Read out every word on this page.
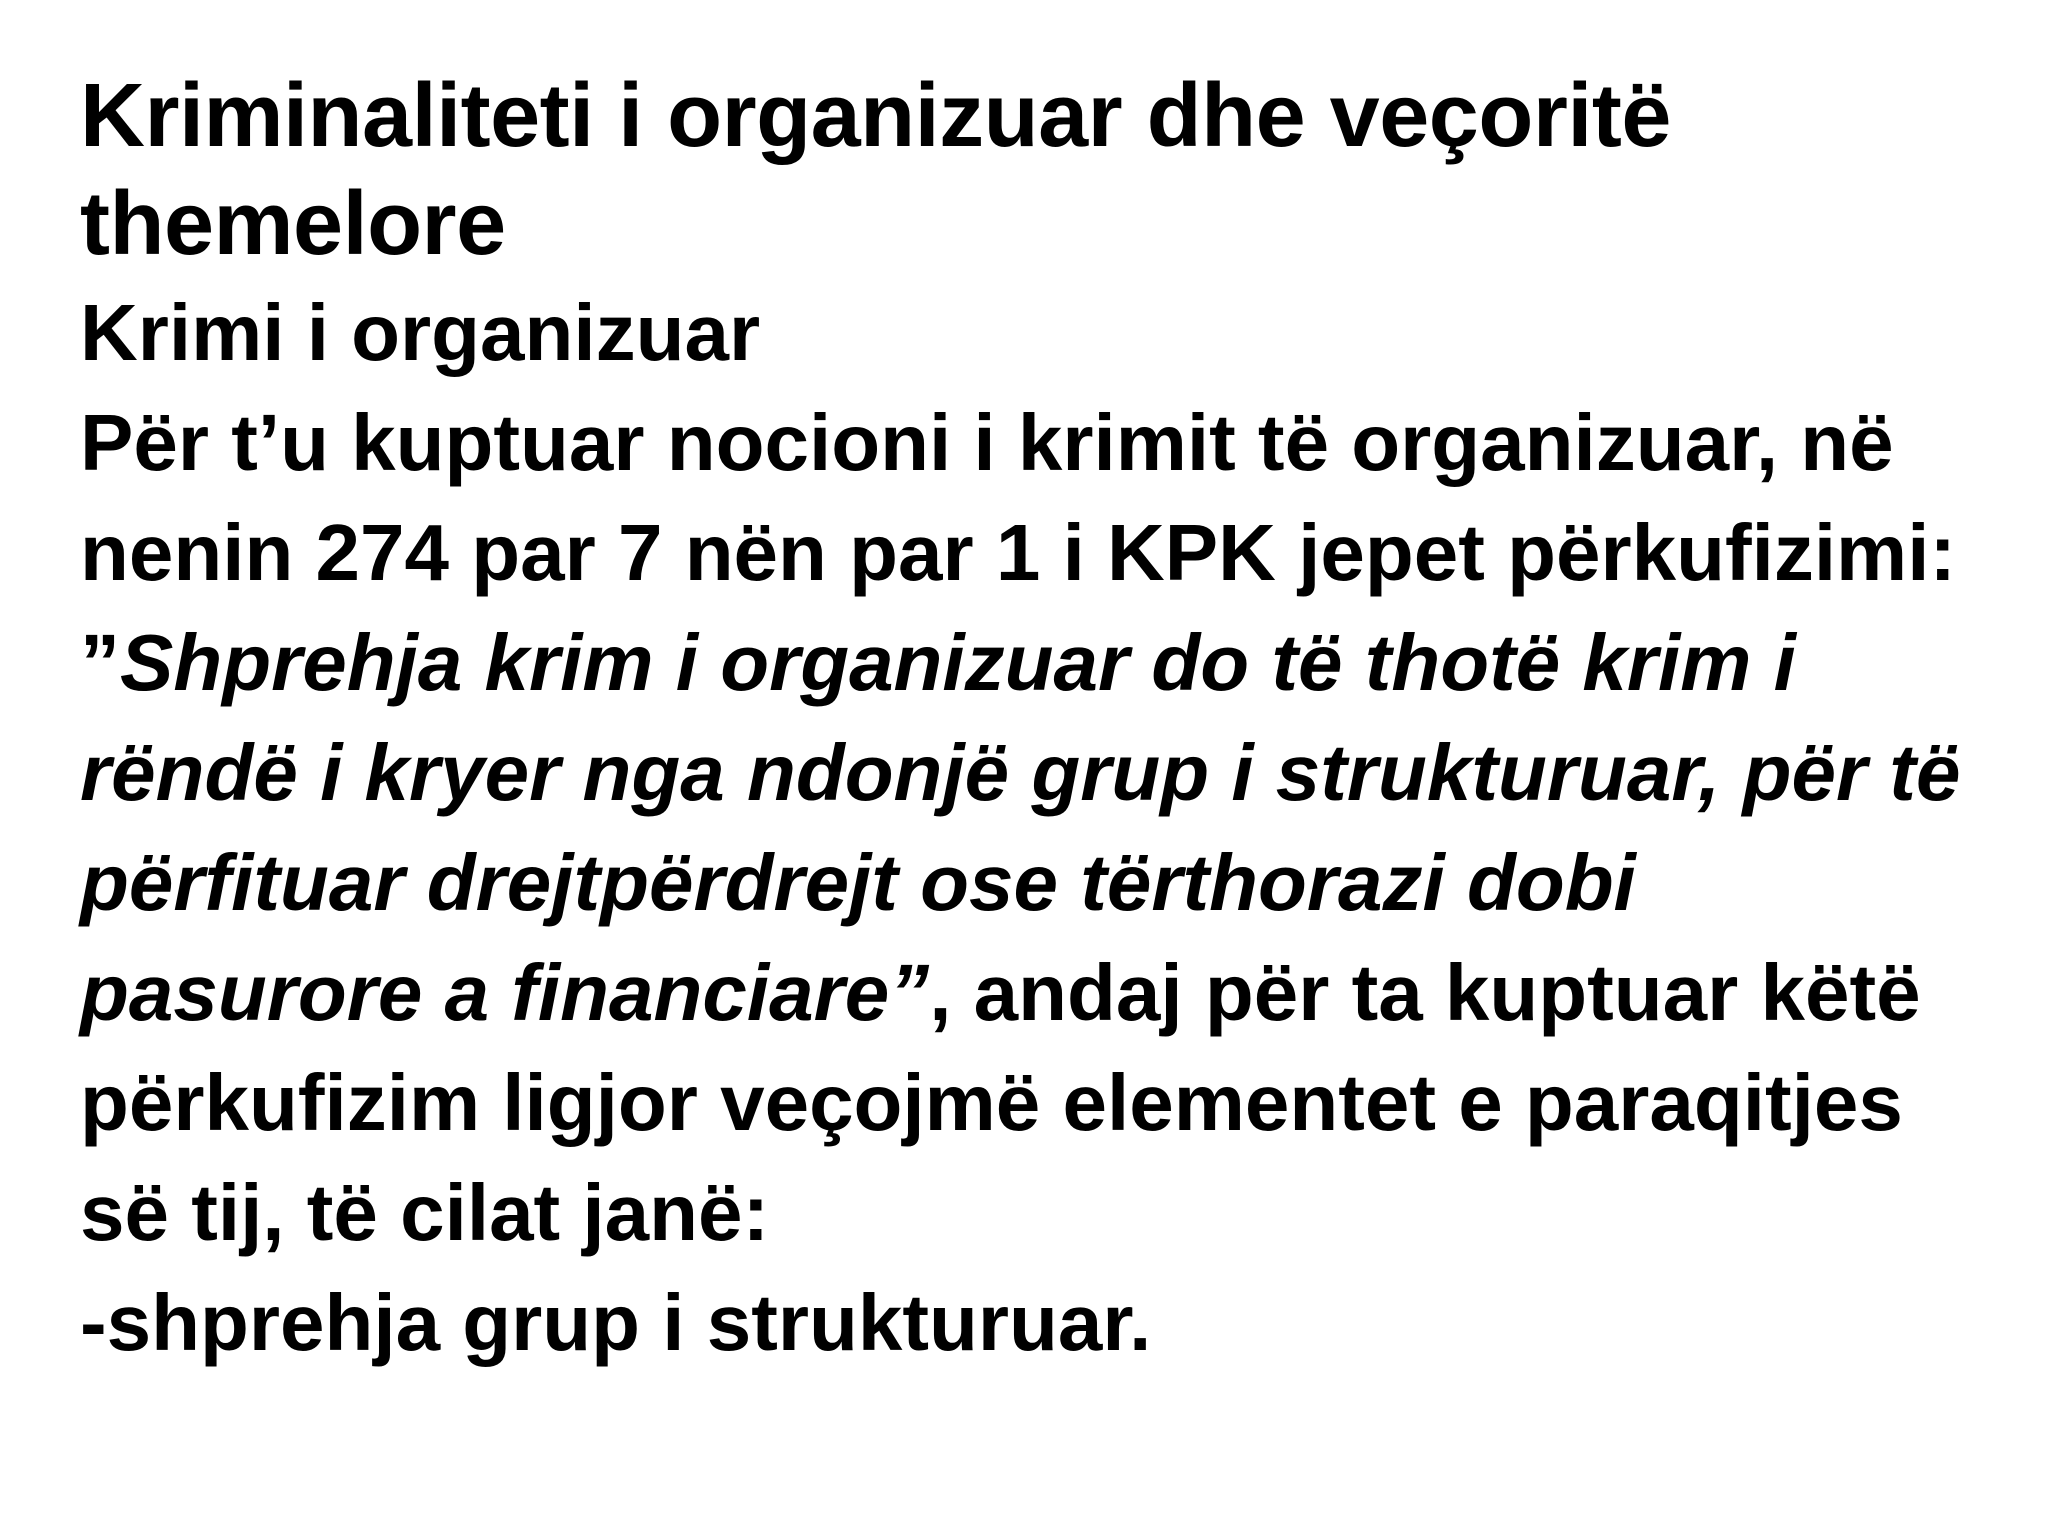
Kriminaliteti i organizuar dhe veçoritë themelore
Krimi i organizuar

Për t’u kuptuar nocioni i krimit të organizuar, në nenin 274 par 7 nën par 1 i KPK jepet përkufizimi: ”Shprehja krim i organizuar do të thotë krim i rëndë i kryer nga ndonjë grup i strukturuar, për të përfituar drejtpërdrejt ose tërthorazi dobi pasurore a financiare”, andaj për ta kuptuar këtë përkufizim ligjor veçojmë elementet e paraqitjes së tij, të cilat janë:

-shprehja grup i strukturuar.
